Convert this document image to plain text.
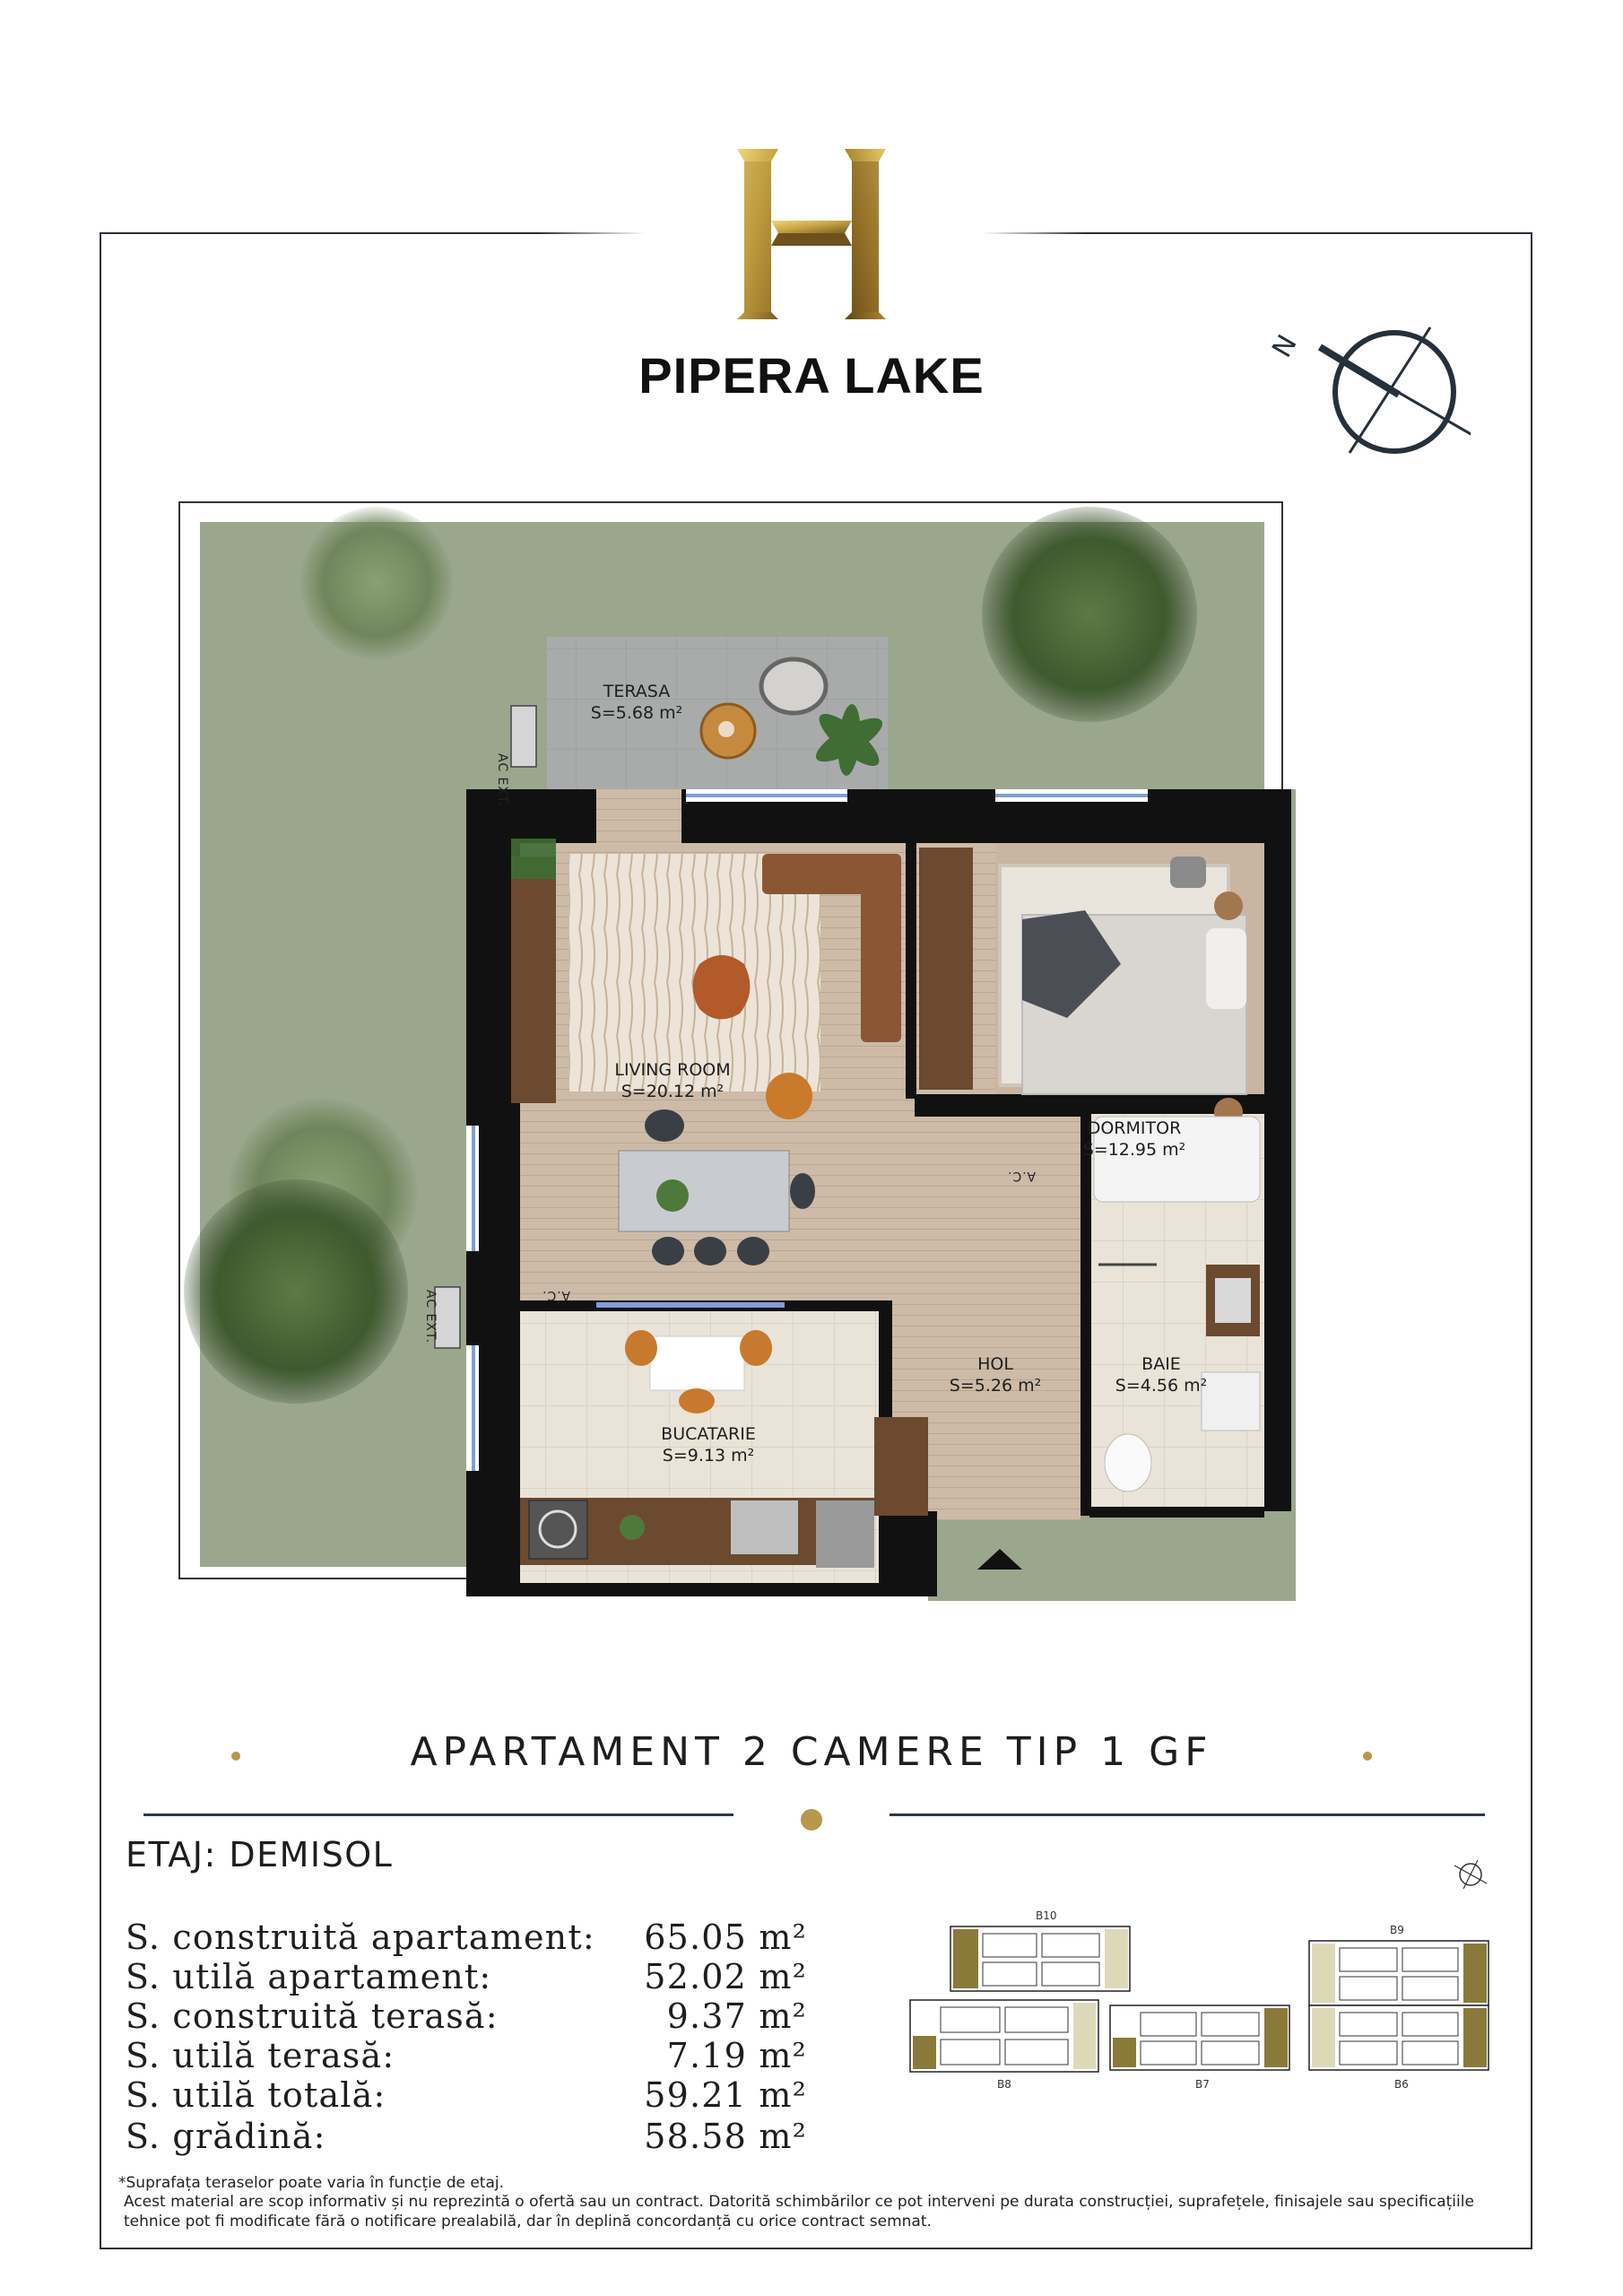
PIPERA LAKE
N
TERASA
S=5.68 m²
LIVING ROOM
S=20.12 m²
DORMITOR
S=12.95 m²
HOL
S=5.26 m²
BAIE
S=4.56 m²
BUCATARIE
S=9.13 m²
AC EXT.
AC EXT.	A.C.
A.C.
APARTAMENT 2 CAMERE TIP 1 GF
ETAJ: DEMISOL
S. construită apartament: 65.05 m²
S. utilă apartament:	52.02 m²
S. construită terasă:	9.37 m²
S. utilă terasă:	7.19 m²
S. utilă totală:	59.21 m²
S. grădină:	58.58 m²
B10
B9
B8	B7	B6
*Suprafața teraselor poate varia în funcție de etaj.
Acest material are scop informativ și nu reprezintă o ofertă sau un contract. Datorită schimbărilor ce pot interveni pe durata construcției, suprafețele, finisajele sau specificațiile
tehnice pot fi modificate fără o notificare prealabilă, dar în deplină concordanță cu orice contract semnat.
